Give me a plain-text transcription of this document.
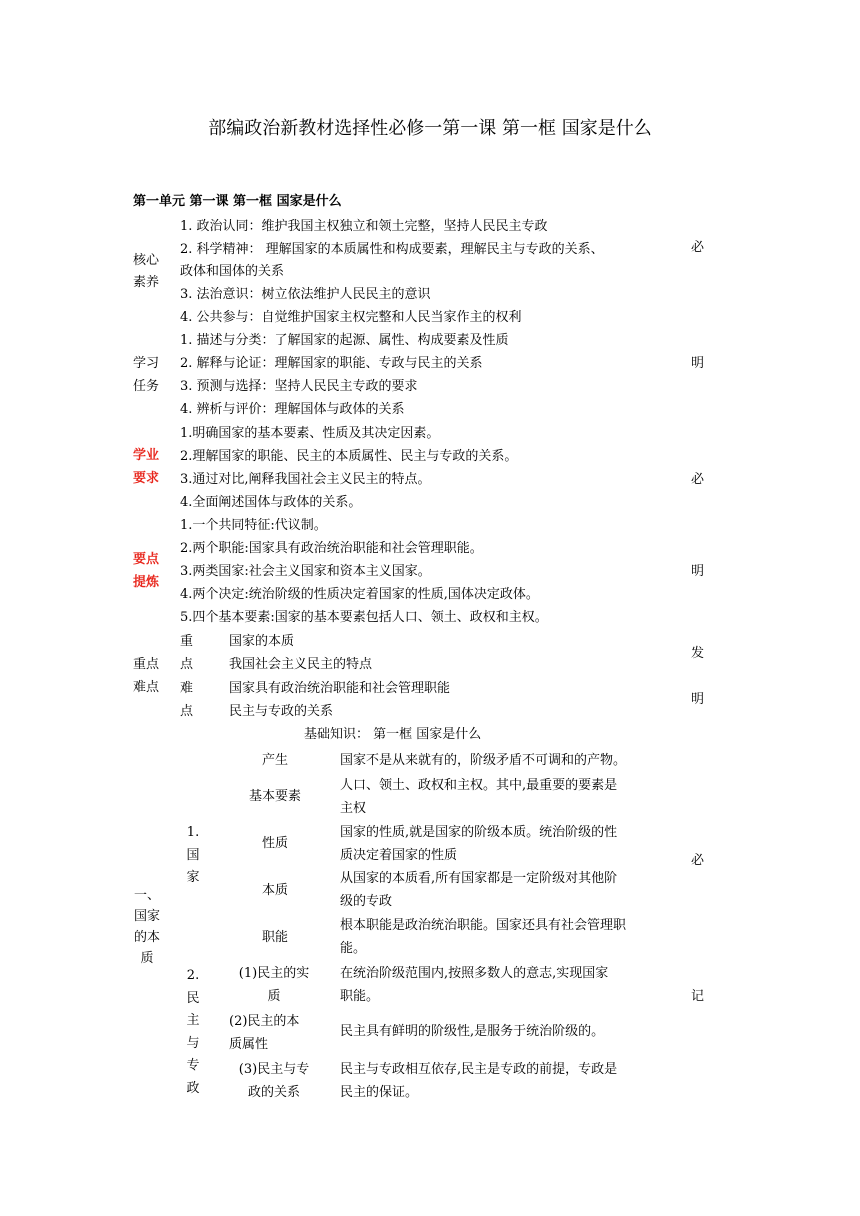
部编政治新教材选择性必修一第一课 第一框 国家是什么
第一单元 第一课 第一框 国家是什么
核心
素养
1. 政治认同：维护我国主权独立和领土完整，坚持人民民主专政
2. 科学精神： 理解国家的本质属性和构成要素，理解民主与专政的关系、
政体和国体的关系
3. 法治意识：树立依法维护人民民主的意识
4. 公共参与：自觉维护国家主权完整和人民当家作主的权利
学习
任务
1. 描述与分类：了解国家的起源、属性、构成要素及性质
2. 解释与论证：理解国家的职能、专政与民主的关系
3. 预测与选择：坚持人民民主专政的要求
4. 辨析与评价：理解国体与政体的关系
学业
要求
1.明确国家的基本要素、性质及其决定因素。
2.理解国家的职能、民主的本质属性、民主与专政的关系。
3.通过对比,阐释我国社会主义民主的特点。
4.全面阐述国体与政体的关系。
要点
提炼
1.一个共同特征:代议制。
2.两个职能:国家具有政治统治职能和社会管理职能。
3.两类国家:社会主义国家和资本主义国家。
4.两个决定:统治阶级的性质决定着国家的性质,国体决定政体。
5.四个基本要素:国家的基本要素包括人口、领土、政权和主权。
重点
难点
重
点
难
点
国家的本质
我国社会主义民主的特点
国家具有政治统治职能和社会管理职能
民主与专政的关系
必
明
必
明
发
明
必
记
基础知识： 第一框 国家是什么
一、国家的本质
1.国家
2.民主与专政
产生	国家不是从来就有的，阶级矛盾不可调和的产物。
基本要素
人口、领土、政权和主权。其中,最重要的要素是
主权
性质
国家的性质,就是国家的阶级本质。统治阶级的性
质决定着国家的性质
本质
从国家的本质看,所有国家都是一定阶级对其他阶
级的专政
职能
根本职能是政治统治职能。国家还具有社会管理职
能。
(1)民主的实
质
在统治阶级范围内,按照多数人的意志,实现国家
职能。
(2)民主的本
质属性
民主具有鲜明的阶级性,是服务于统治阶级的。
(3)民主与专
政的关系
民主与专政相互依存,民主是专政的前提，专政是
民主的保证。
